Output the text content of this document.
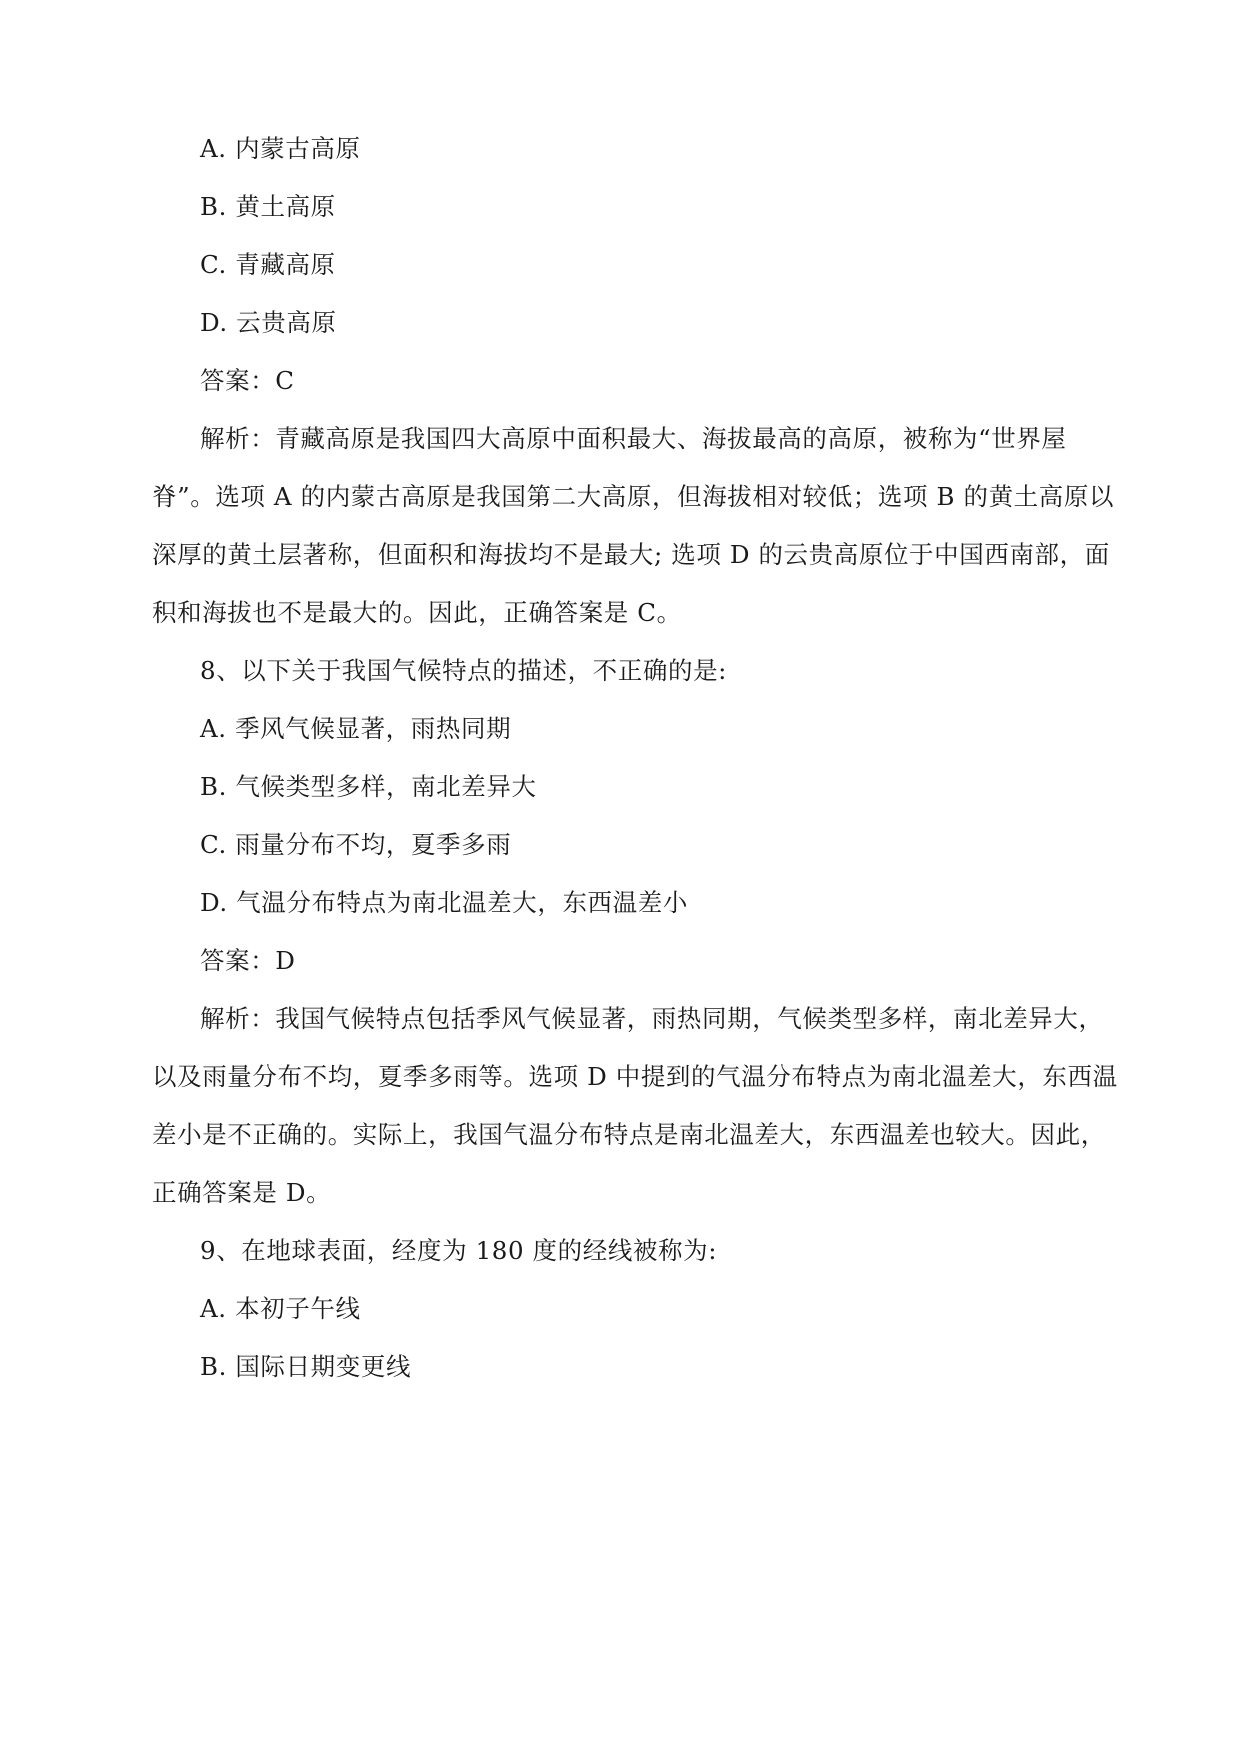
A. 内蒙古高原
B. 黄土高原
C. 青藏高原
D. 云贵高原
答案：C
解析：青藏高原是我国四大高原中面积最大、海拔最高的高原，被称为“世界屋
脊”。选项 A 的内蒙古高原是我国第二大高原，但海拔相对较低；选项 B 的黄土高原以
深厚的黄土层著称，但面积和海拔均不是最大; 选项 D 的云贵高原位于中国西南部，面
积和海拔也不是最大的。因此，正确答案是 C。
8、以下关于我国气候特点的描述，不正确的是:
A. 季风气候显著，雨热同期
B. 气候类型多样，南北差异大
C. 雨量分布不均，夏季多雨
D. 气温分布特点为南北温差大，东西温差小
答案：D
解析：我国气候特点包括季风气候显著，雨热同期，气候类型多样，南北差异大，
以及雨量分布不均，夏季多雨等。选项 D 中提到的气温分布特点为南北温差大，东西温
差小是不正确的。实际上，我国气温分布特点是南北温差大，东西温差也较大。因此，
正确答案是 D。
9、在地球表面，经度为 180 度的经线被称为:
A. 本初子午线
B. 国际日期变更线
